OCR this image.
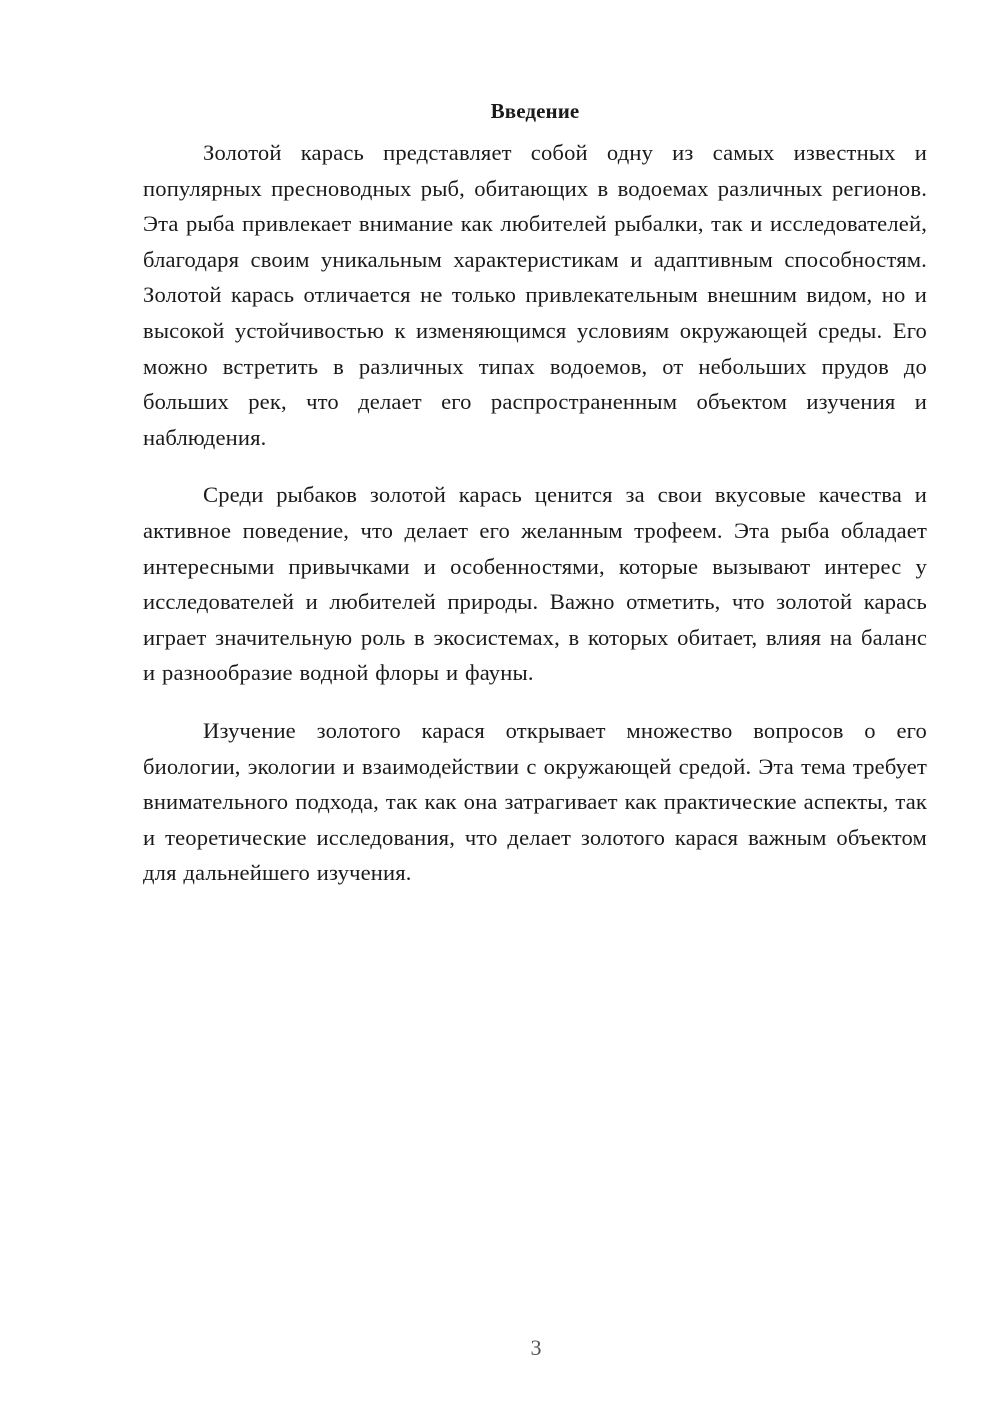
Введение

Золотой карась представляет собой одну из самых известных и популярных пресноводных рыб, обитающих в водоемах различных регионов. Эта рыба привлекает внимание как любителей рыбалки, так и исследователей, благодаря своим уникальным характеристикам и адаптивным способностям. Золотой карась отличается не только привлекательным внешним видом, но и высокой устойчивостью к изменяющимся условиям окружающей среды. Его можно встретить в различных типах водоемов, от небольших прудов до больших рек, что делает его распространенным объектом изучения и наблюдения.

Среди рыбаков золотой карась ценится за свои вкусовые качества и активное поведение, что делает его желанным трофеем. Эта рыба обладает интересными привычками и особенностями, которые вызывают интерес у исследователей и любителей природы. Важно отметить, что золотой карась играет значительную роль в экосистемах, в которых обитает, влияя на баланс и разнообразие водной флоры и фауны.

Изучение золотого карася открывает множество вопросов о его биологии, экологии и взаимодействии с окружающей средой. Эта тема требует внимательного подхода, так как она затрагивает как практические аспекты, так и теоретические исследования, что делает золотого карася важным объектом для дальнейшего изучения.

3
